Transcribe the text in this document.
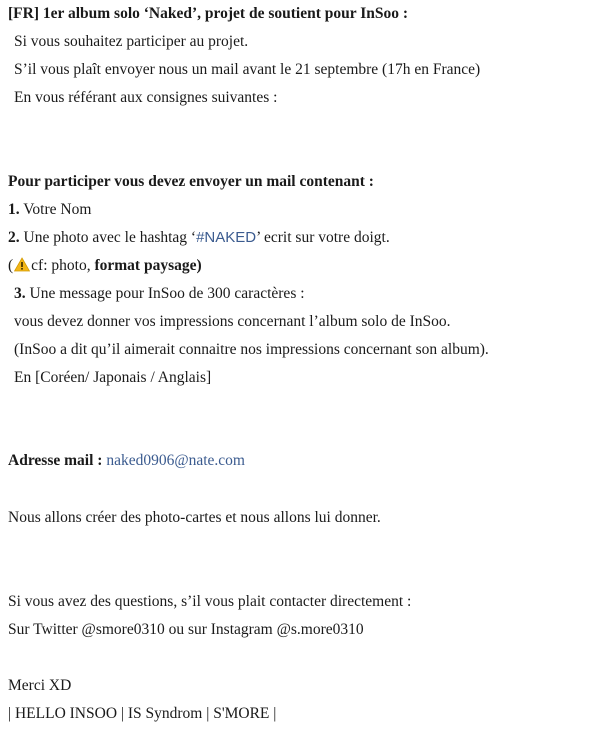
[FR] 1er album solo ‘Naked’, projet de soutient pour InSoo :
Si vous souhaitez participer au projet.
S’il vous plaît envoyer nous un mail avant le 21 septembre (17h en France)
En vous référant aux consignes suivantes :
Pour participer vous devez envoyer un mail contenant :
1. Votre Nom
2. Une photo avec le hashtag ‘#NAKED’ ecrit sur votre doigt.
( cf: photo, format paysage)
3. Une message pour InSoo de 300 caractères :
vous devez donner vos impressions concernant l’album solo de InSoo.
(InSoo a dit qu’il aimerait connaitre nos impressions concernant son album).
En [Coréen/ Japonais / Anglais]
Adresse mail : naked0906@nate.com
Nous allons créer des photo-cartes et nous allons lui donner.
Si vous avez des questions, s’il vous plait contacter directement :
Sur Twitter @smore0310 ou sur Instagram @s.more0310
Merci XD
| HELLO INSOO | IS Syndrom | S'MORE |
